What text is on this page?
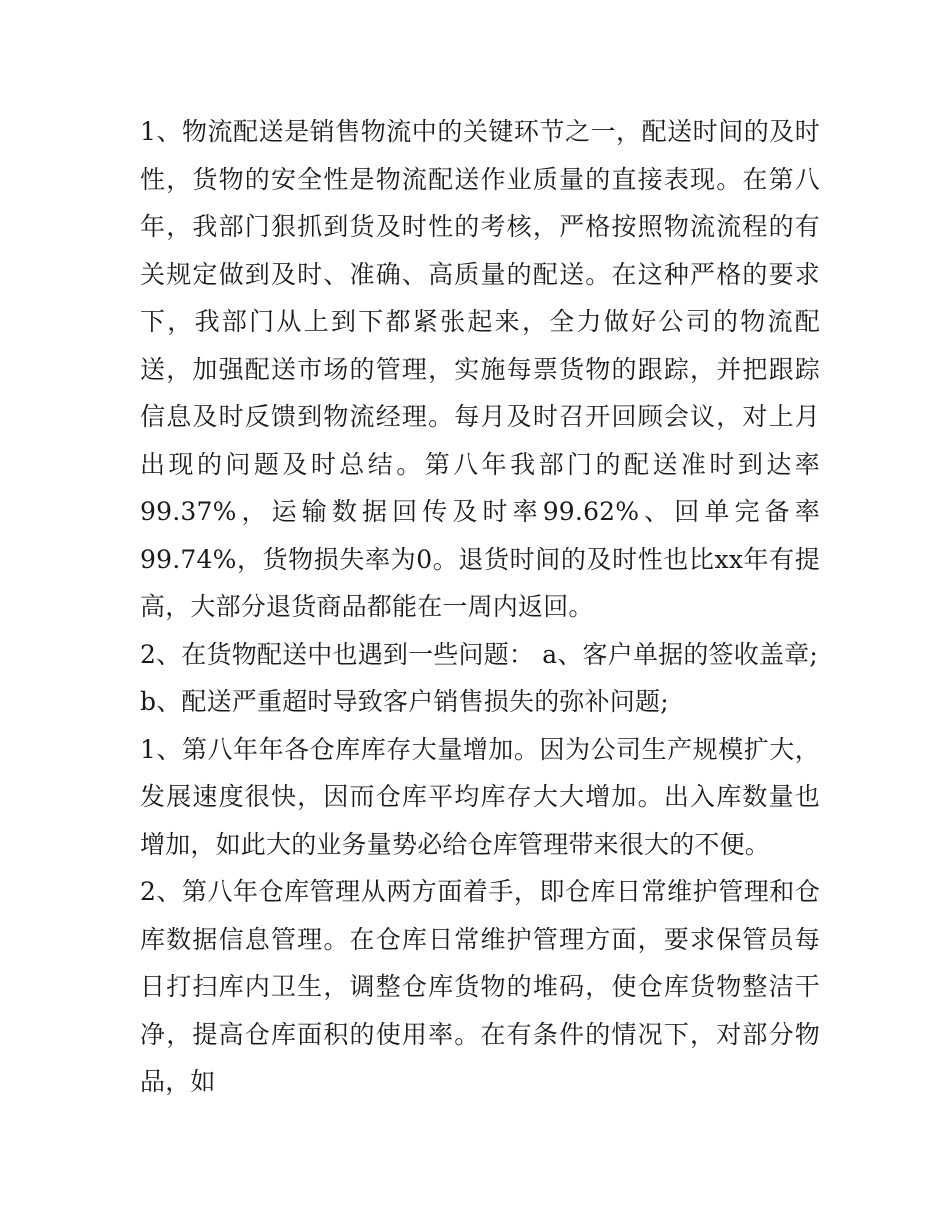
1、物流配送是销售物流中的关键环节之一，配送时间的及时性，货物的安全性是物流配送作业质量的直接表现。在第八年，我部门狠抓到货及时性的考核，严格按照物流流程的有关规定做到及时、准确、高质量的配送。在这种严格的要求下，我部门从上到下都紧张起来，全力做好公司的物流配送，加强配送市场的管理，实施每票货物的跟踪，并把跟踪信息及时反馈到物流经理。每月及时召开回顾会议，对上月出现的问题及时总结。第八年我部门的配送准时到达率99.37%，运输数据回传及时率99.62%、回单完备率99.74%，货物损失率为0。退货时间的及时性也比xx年有提高，大部分退货商品都能在一周内返回。

2、在货物配送中也遇到一些问题： a、客户单据的签收盖章;

b、配送严重超时导致客户销售损失的弥补问题;

1、第八年年各仓库库存大量增加。因为公司生产规模扩大，发展速度很快，因而仓库平均库存大大增加。出入库数量也增加，如此大的业务量势必给仓库管理带来很大的不便。

2、第八年仓库管理从两方面着手，即仓库日常维护管理和仓库数据信息管理。在仓库日常维护管理方面，要求保管员每日打扫库内卫生，调整仓库货物的堆码，使仓库货物整洁干净，提高仓库面积的使用率。在有条件的情况下，对部分物品，如
